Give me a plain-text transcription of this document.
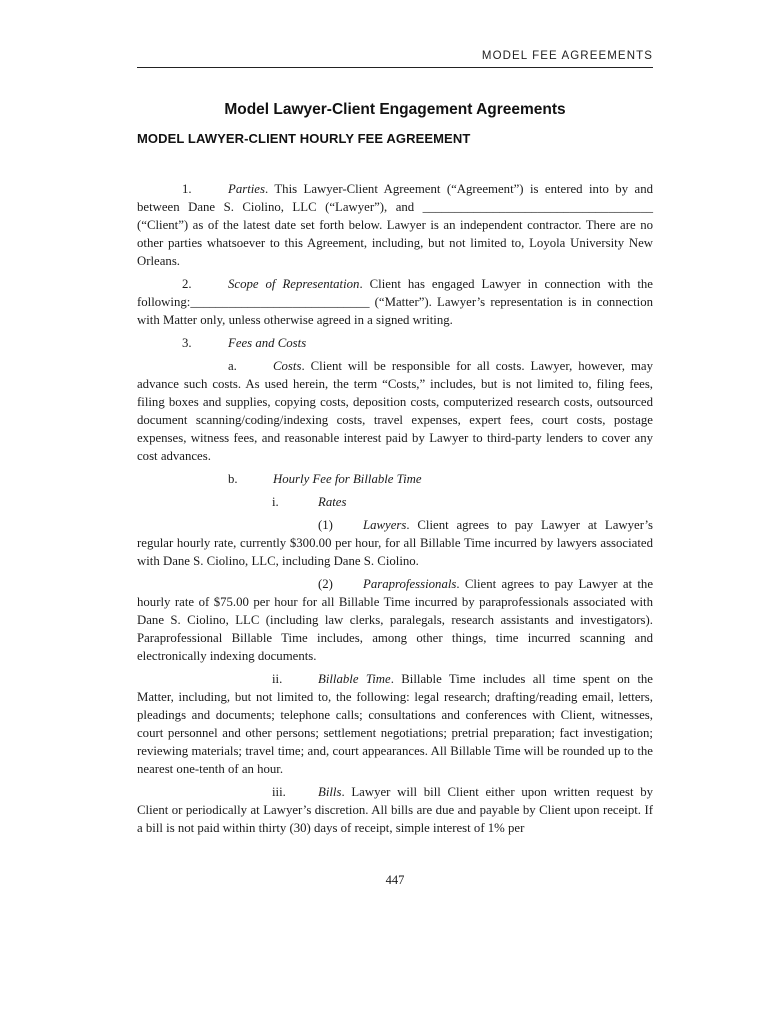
MODEL FEE AGREEMENTS
Model Lawyer-Client Engagement Agreements
MODEL LAWYER-CLIENT HOURLY FEE AGREEMENT

1.	Parties. This Lawyer-Client Agreement (“Agreement”) is entered into by and between Dane S. Ciolino, LLC (“Lawyer”), and ____________________________________ (“Client”) as of the latest date set forth below. Lawyer is an independent contractor. There are no other parties whatsoever to this Agreement, including, but not limited to, Loyola University New Orleans.

2.	Scope of Representation. Client has engaged Lawyer in connection with the following:____________________________ (“Matter”). Lawyer’s representation is in connection with Matter only, unless otherwise agreed in a signed writing.

3.	Fees and Costs

a.	Costs. Client will be responsible for all costs. Lawyer, however, may advance such costs. As used herein, the term “Costs,” includes, but is not limited to, filing fees, filing boxes and supplies, copying costs, deposition costs, computerized research costs, outsourced document scanning/coding/indexing costs, travel expenses, expert fees, court costs, postage expenses, witness fees, and reasonable interest paid by Lawyer to third-party lenders to cover any cost advances.

b.	Hourly Fee for Billable Time

i.	Rates

(1) Lawyers. Client agrees to pay Lawyer at Lawyer’s regular hourly rate, currently $300.00 per hour, for all Billable Time incurred by lawyers associated with Dane S. Ciolino, LLC, including Dane S. Ciolino.

(2) Paraprofessionals. Client agrees to pay Lawyer at the hourly rate of $75.00 per hour for all Billable Time incurred by paraprofessionals associated with Dane S. Ciolino, LLC (including law clerks, paralegals, research assistants and investigators). Paraprofessional Billable Time includes, among other things, time incurred scanning and electronically indexing documents.

ii.	Billable Time. Billable Time includes all time spent on the Matter, including, but not limited to, the following: legal research; drafting/reading email, letters, pleadings and documents; telephone calls; consultations and conferences with Client, witnesses, court personnel and other persons; settlement negotiations; pretrial preparation; fact investigation; reviewing materials; travel time; and, court appearances. All Billable Time will be rounded up to the nearest one-tenth of an hour.

iii.	Bills. Lawyer will bill Client either upon written request by Client or periodically at Lawyer’s discretion. All bills are due and payable by Client upon receipt. If a bill is not paid within thirty (30) days of receipt, simple interest of 1% per

447
